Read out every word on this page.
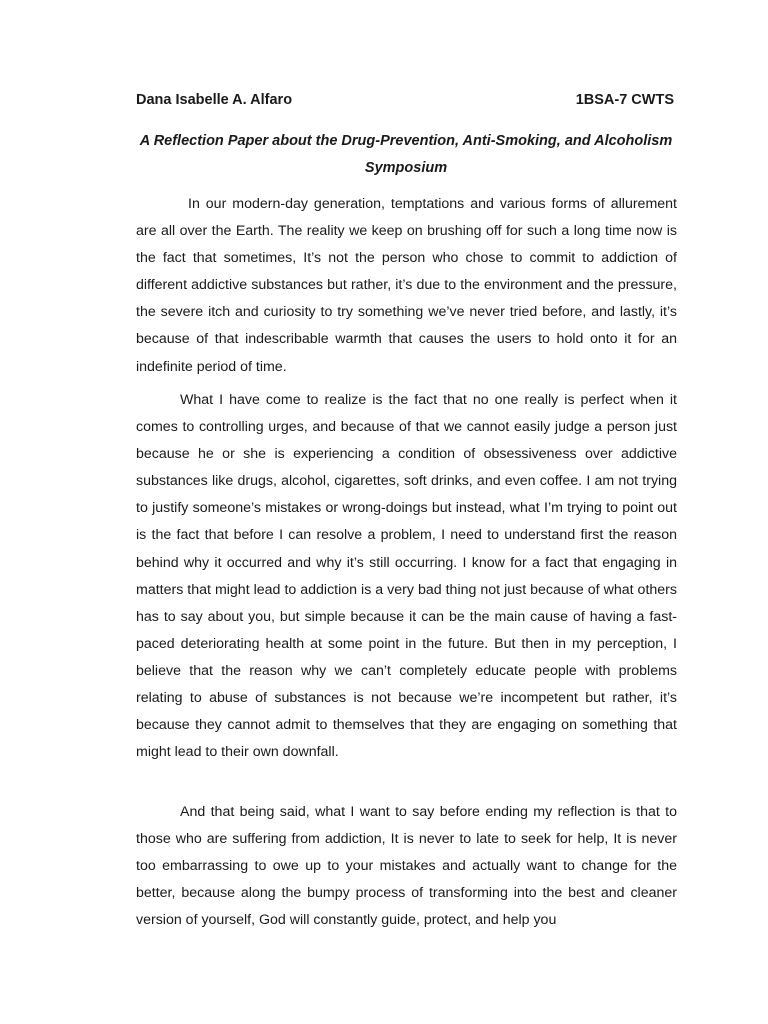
Dana Isabelle A. Alfaro	1BSA-7 CWTS
A Reflection Paper about the Drug-Prevention, Anti-Smoking, and Alcoholism Symposium

In our modern-day generation, temptations and various forms of allurement are all over the Earth. The reality we keep on brushing off for such a long time now is the fact that sometimes, It’s not the person who chose to commit to addiction of different addictive substances but rather, it’s due to the environment and the pressure, the severe itch and curiosity to try something we’ve never tried before, and lastly, it’s because of that indescribable warmth that causes the users to hold onto it for an indefinite period of time.

What I have come to realize is the fact that no one really is perfect when it comes to controlling urges, and because of that we cannot easily judge a person just because he or she is experiencing a condition of obsessiveness over addictive substances like drugs, alcohol, cigarettes, soft drinks, and even coffee. I am not trying to justify someone’s mistakes or wrong-doings but instead, what I’m trying to point out is the fact that before I can resolve a problem, I need to understand first the reason behind why it occurred and why it’s still occurring. I know for a fact that engaging in matters that might lead to addiction is a very bad thing not just because of what others has to say about you, but simple because it can be the main cause of having a fast-paced deteriorating health at some point in the future. But then in my perception, I believe that the reason why we can’t completely educate people with problems relating to abuse of substances is not because we’re incompetent but rather, it’s because they cannot admit to themselves that they are engaging on something that might lead to their own downfall.

And that being said, what I want to say before ending my reflection is that to those who are suffering from addiction, It is never to late to seek for help, It is never too embarrassing to owe up to your mistakes and actually want to change for the better, because along the bumpy process of transforming into the best and cleaner version of yourself, God will constantly guide, protect, and help you
